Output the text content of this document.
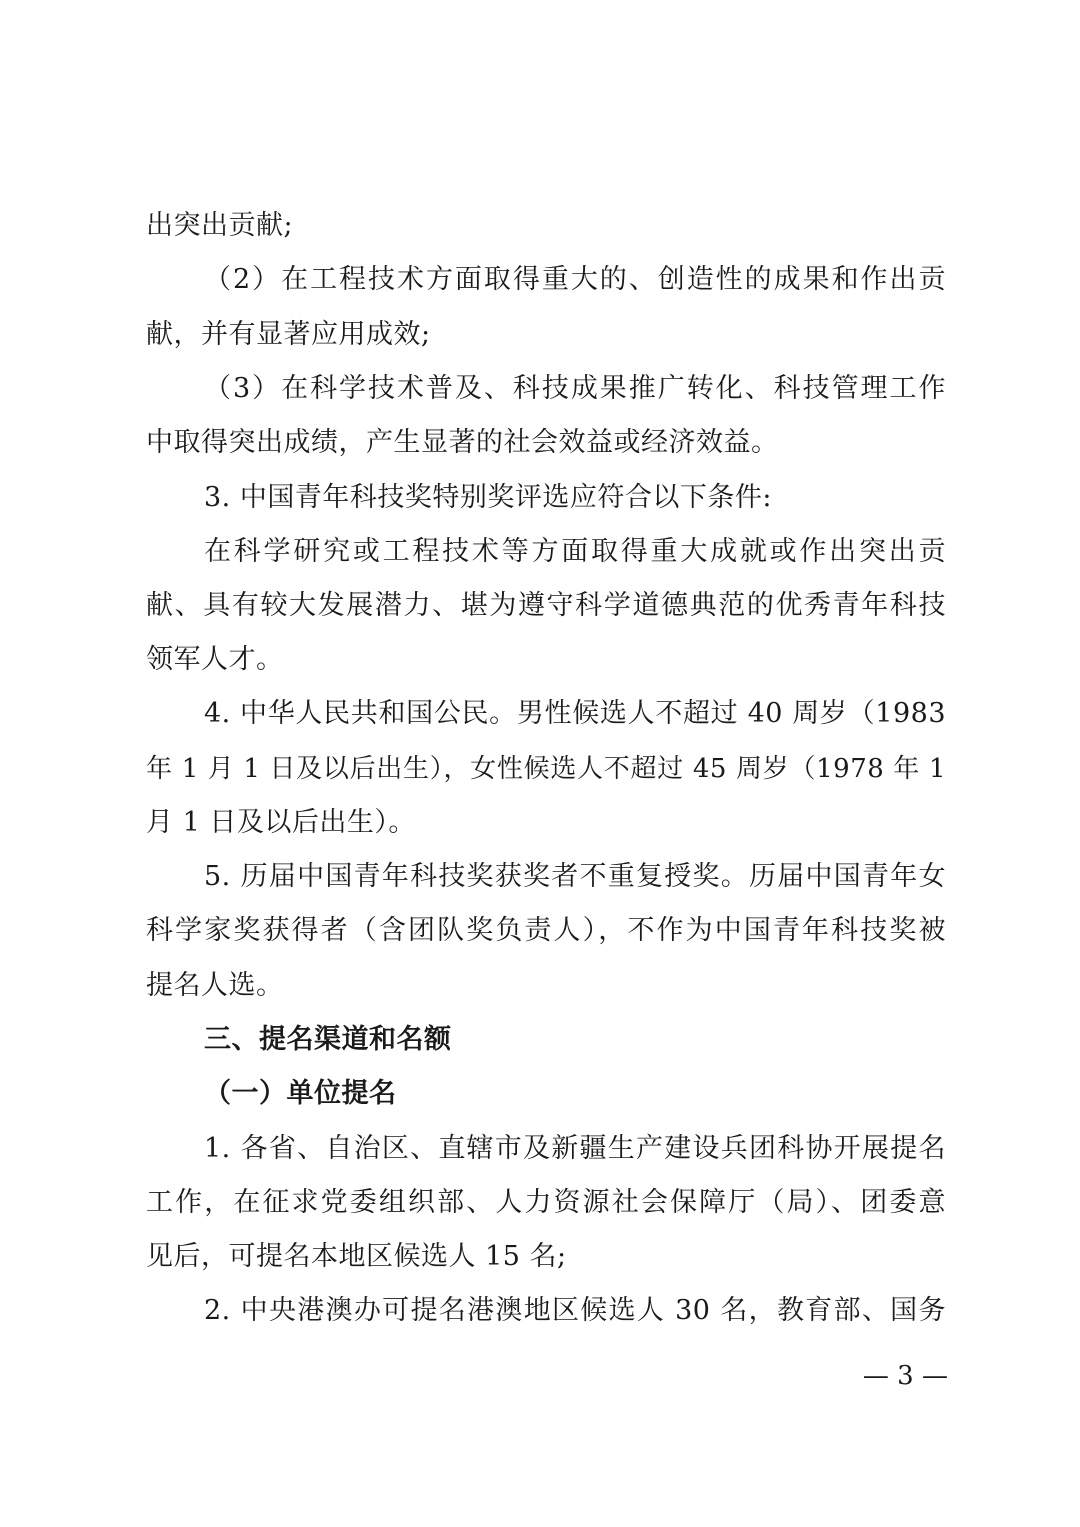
出突出贡献;
（2）在工程技术方面取得重大的、创造性的成果和作出贡
献，并有显著应用成效;
（3）在科学技术普及、科技成果推广转化、科技管理工作
中取得突出成绩，产生显著的社会效益或经济效益。
3. 中国青年科技奖特别奖评选应符合以下条件:
在科学研究或工程技术等方面取得重大成就或作出突出贡
献、具有较大发展潜力、堪为遵守科学道德典范的优秀青年科技
领军人才。
4. 中华人民共和国公民。男性候选人不超过 40 周岁（1983
年 1 月 1 日及以后出生），女性候选人不超过 45 周岁（1978 年 1
月 1 日及以后出生）。
5. 历届中国青年科技奖获奖者不重复授奖。历届中国青年女
科学家奖获得者（含团队奖负责人），不作为中国青年科技奖被
提名人选。
三、提名渠道和名额
（一）单位提名
1. 各省、自治区、直辖市及新疆生产建设兵团科协开展提名
工作，在征求党委组织部、人力资源社会保障厅（局）、团委意
见后，可提名本地区候选人 15 名;
2. 中央港澳办可提名港澳地区候选人 30 名，教育部、国务
— 3 —
